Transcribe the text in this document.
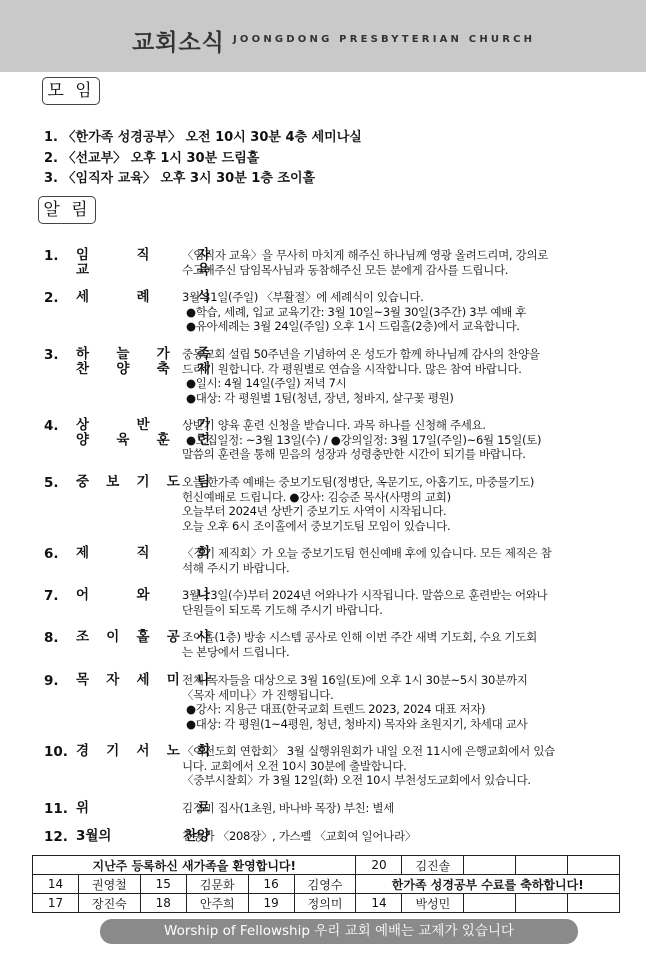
교회소식 JOONGDONG PRESBYTERIAN CHURCH
모 임
1. 〈한가족 성경공부〉 오전 10시 30분 4층 세미나실
2. 〈선교부〉 오후 1시 30분 드림홀
3. 〈임직자 교육〉 오후 3시 30분 1층 조이홀
알 림
1. 임 직 자
교 육

〈임직자 교육〉을 무사히 마치게 해주신 하나님께 영광 올려드리며, 강의로

수고해주신 담임목사님과 동참해주신 모든 분에게 감사를 드립니다.

2. 세 례 식

3월 31일(주일) 〈부활절〉에 세례식이 있습니다.

●학습, 세례, 입교 교육기간: 3월 10일~3월 30일(3주간) 3부 예배 후

●유아세례는 3월 24일(주일) 오후 1시 드림홀(2층)에서 교육합니다.

3. 하 늘 가 족
찬 양 축 제

중동교회 설립 50주년을 기념하여 온 성도가 함께 하나님께 감사의 찬양을

드리기 원합니다. 각 평원별로 연습을 시작합니다. 많은 참여 바랍니다.

●일시: 4월 14일(주일) 저녁 7시

●대상: 각 평원별 1팀(청년, 장년, 청바지, 살구꽃 평원)

4. 상 반 기
양 육 훈 련

상반기 양육 훈련 신청을 받습니다. 과목 하나를 신청해 주세요.

●모집일정: ~3월 13일(수) / ●강의일정: 3월 17일(주일)~6월 15일(토)

말씀의 훈련을 통해 믿음의 성장과 성령충만한 시간이 되기를 바랍니다.

5. 중 보 기 도 팀

오늘 한가족 예배는 중보기도팀(정병단, 옥문기도, 아홉기도, 마중물기도)

헌신예배로 드립니다. ●강사: 김승준 목사(사명의 교회)

오늘부터 2024년 상반기 중보기도 사역이 시작됩니다.

오늘 오후 6시 조이홀에서 중보기도팀 모임이 있습니다.

6. 제 직 회

〈정기 제직회〉가 오늘 중보기도팀 헌신예배 후에 있습니다. 모든 제직은 참

석해 주시기 바랍니다.

7. 어 와 나

3월 13일(수)부터 2024년 어와나가 시작됩니다. 말씀으로 훈련받는 어와나

단원들이 되도록 기도해 주시기 바랍니다.

8. 조 이 홀 공 사

조이홀(1층) 방송 시스템 공사로 인해 이번 주간 새벽 기도회, 수요 기도회

는 본당에서 드립니다.

9. 목 자 세 미 나

전체 목자들을 대상으로 3월 16일(토)에 오후 1시 30분~5시 30분까지

〈목자 세미나〉가 진행됩니다.

●강사: 지용근 대표(한국교회 트렌드 2023, 2024 대표 저자)

●대상: 각 평원(1~4평원, 청년, 청바지) 목자와 초원지기, 차세대 교사

10. 경 기 서 노 회

〈여전도회 연합회〉 3월 실행위원회가 내일 오전 11시에 은행교회에서 있습

니다. 교회에서 오전 10시 30분에 출발합니다.

〈중부시찰회〉가 3월 12일(화) 오전 10시 부천성도교회에서 있습니다.

11. 위 로

김정미 집사(1초원, 바나바 목장) 부친: 별세

12. 3월의 찬양

찬송가 〈208장〉, 가스펠 〈교회여 일어나라〉

지난주 등록하신 새가족을 환영합니다!						20	김진솔			
14	권영철	15	김문화	16	김영수	한가족 성경공부 수료를 축하합니다!				
17	장진숙	18	안주희	19	정의미	14	박성민			
Worship of Fellowship 우리 교회 예배는 교제가 있습니다
